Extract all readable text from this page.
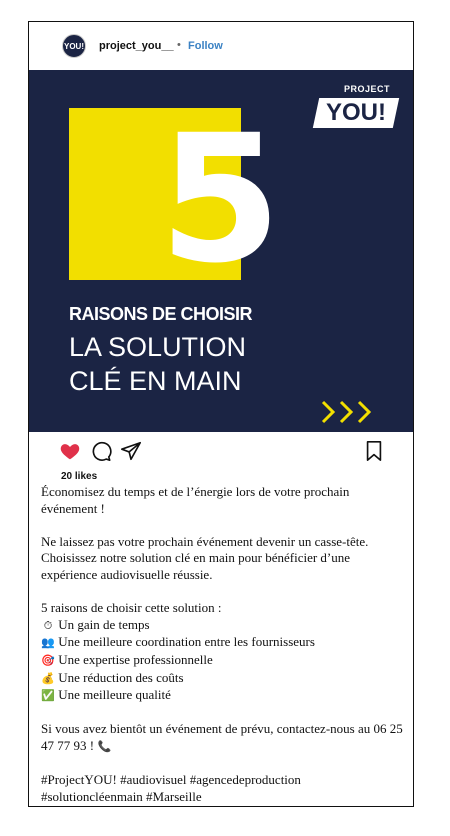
YOU! project_you__ • Follow
5
PROJECT
YOU!
RAISONS DE CHOISIR
LA SOLUTION
CLÉ EN MAIN
20 likes

Économisez du temps et de l’énergie lors de votre prochain événement !

Ne laissez pas votre prochain événement devenir un casse-tête.
Choisissez notre solution clé en main pour bénéficier d’une expérience audiovisuelle réussie.

5 raisons de choisir cette solution :
⏱ Un gain de temps
👥 Une meilleure coordination entre les fournisseurs
🎯 Une expertise professionnelle
💰 Une réduction des coûts
✅ Une meilleure qualité

Si vous avez bientôt un événement de prévu, contactez-nous au 06 25 47 77 93 ! 📞

#ProjectYOU! #audiovisuel #agencedeproduction #solutioncléenmain #Marseille
